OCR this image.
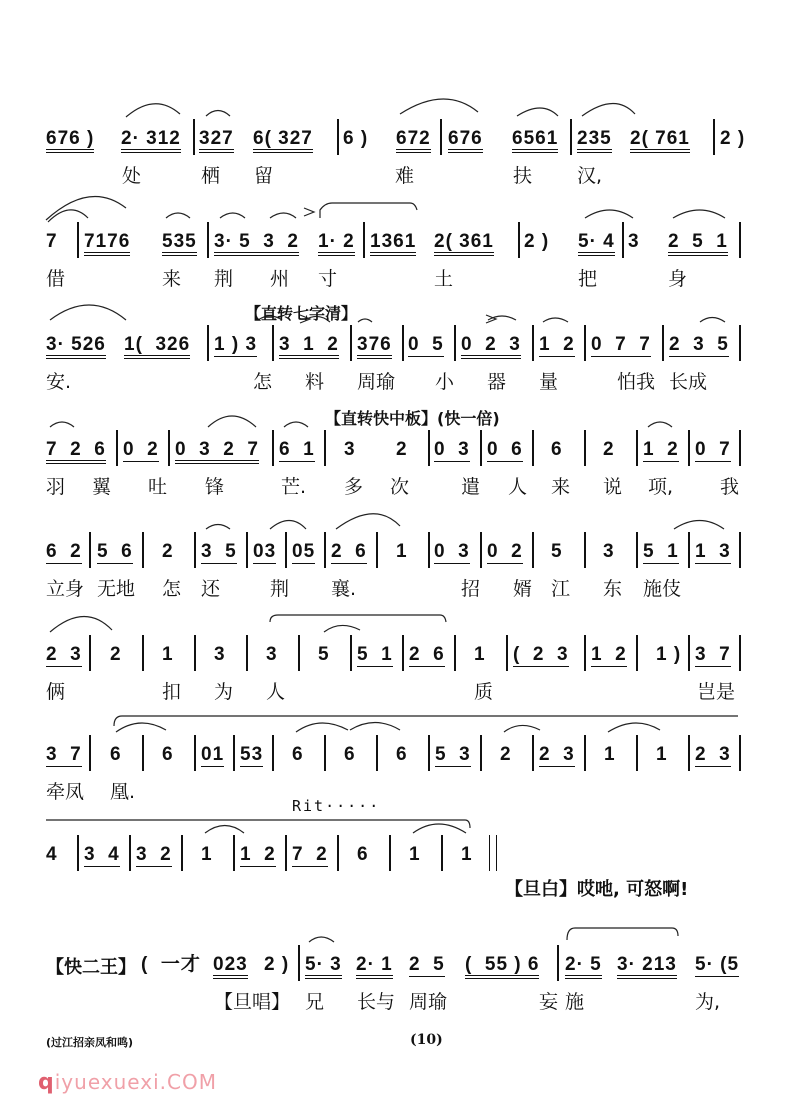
676 ) 2· 312 327 6( 327 6 ) 672 676 6561 235 2( 761 2 )
处	栖 留	难	扶 汉,
7 7176 535 3· 5  3  2 1· 2 1361 2( 361 2 ) 5· 4 3 2  5  1
借	来 荆 州 寸	土	把	身
【直转七字清】
3· 526 1(  326 1 ) 3 3  1  2 376 0  5 0  2  3 1  2 0  7  7 2  3  5
安.	怎 料 周瑜 小 器 量	怕我 长成
【直转快中板】(快一倍)
7  2  6 0  2 0  3  2  7 6  1 3 2 0  3 0  6 6 2 1  2 0  7
羽 翼 吐 锋	芒. 多 次	遣 人 来 说 项, 我
6  2 5  6 2 3  5 03 05 2  6 1 0  3 0  2 5 3 5  1 1  3
立身 无地 怎 还	荆 襄.	招 婿 江 东 施伎
2  3 2 1 3 3 5 5  1 2  6 1 (  2  3 1  2 1 ) 3  7
俩	扣 为 人	质	岂是
3  7 6 6 01 53 6 6 6 5  3 2 2  3 1 1 2  3
牵凤 凰.
Rit·····
4 3  4 3  2 1 1  2 7  2 6 1 1
【旦白】哎吔, 可怒啊!
【快二王】 (  一才 023 2 ) 5· 3 2· 1 2  5 (  55 ) 6 2· 5 3· 213 5· (5
【旦唱】 兄 长与 周瑜	妄 施	为,
(过江招亲凤和鸣)	(10)
qiyuexuexi.COM
